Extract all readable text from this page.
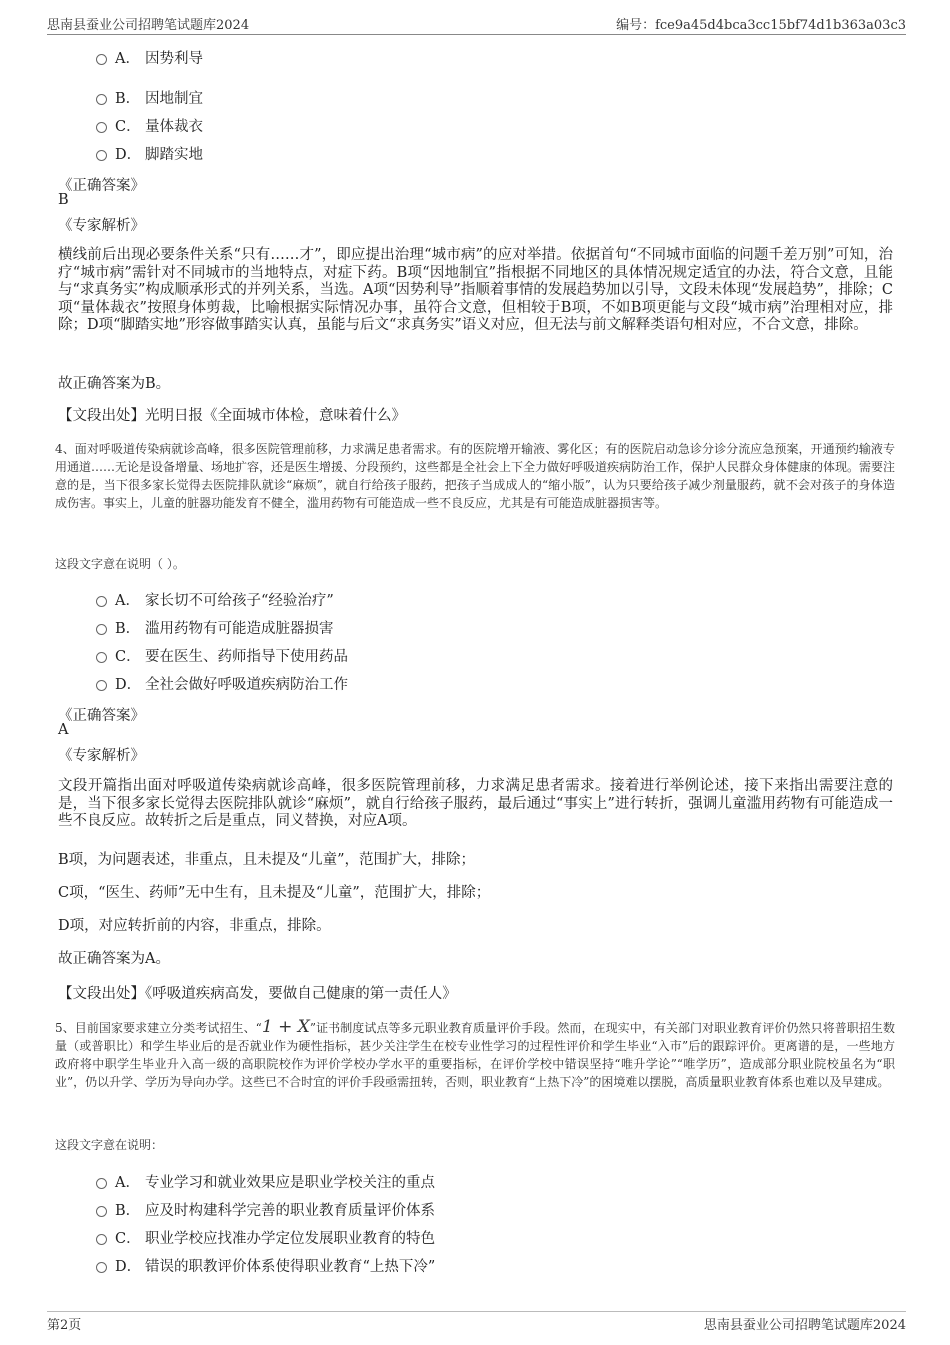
思南县蚕业公司招聘笔试题库2024	编号：fce9a45d4bca3cc15bf74d1b363a03c3
A． 因势利导
B． 因地制宜
C． 量体裁衣
D． 脚踏实地
《正确答案》
B
《专家解析》
横线前后出现必要条件关系“只有……才”，即应提出治理“城市病”的应对举措。依据首句“不同城市面临的问题千差万别”可知，治疗“城市病”需针对不同城市的当地特点，对症下药。B项“因地制宜”指根据不同地区的具体情况规定适宜的办法，符合文意，且能与“求真务实”构成顺承形式的并列关系，当选。A项“因势利导”指顺着事情的发展趋势加以引导，文段未体现“发展趋势”，排除；C项“量体裁衣”按照身体剪裁，比喻根据实际情况办事，虽符合文意，但相较于B项，不如B项更能与文段“城市病”治理相对应，排除；D项“脚踏实地”形容做事踏实认真，虽能与后文“求真务实”语义对应，但无法与前文解释类语句相对应，不合文意，排除。
故正确答案为B。
【文段出处】光明日报《全面城市体检，意味着什么》
4、面对呼吸道传染病就诊高峰，很多医院管理前移，力求满足患者需求。有的医院增开输液、雾化区；有的医院启动急诊分诊分流应急预案，开通预约输液专用通道……无论是设备增量、场地扩容，还是医生增援、分段预约，这些都是全社会上下全力做好呼吸道疾病防治工作，保护人民群众身体健康的体现。需要注意的是，当下很多家长觉得去医院排队就诊“麻烦”，就自行给孩子服药，把孩子当成成人的“缩小版”，认为只要给孩子减少剂量服药，就不会对孩子的身体造成伤害。事实上，儿童的脏器功能发育不健全，滥用药物有可能造成一些不良反应，尤其是有可能造成脏器损害等。
这段文字意在说明（ ）。
A． 家长切不可给孩子“经验治疗”
B． 滥用药物有可能造成脏器损害
C． 要在医生、药师指导下使用药品
D． 全社会做好呼吸道疾病防治工作
《正确答案》
A
《专家解析》
文段开篇指出面对呼吸道传染病就诊高峰，很多医院管理前移，力求满足患者需求。接着进行举例论述，接下来指出需要注意的是，当下很多家长觉得去医院排队就诊“麻烦”，就自行给孩子服药，最后通过“事实上”进行转折，强调儿童滥用药物有可能造成一些不良反应。故转折之后是重点，同义替换，对应A项。
B项，为问题表述，非重点，且未提及“儿童”，范围扩大，排除；
C项，“医生、药师”无中生有，且未提及“儿童”，范围扩大，排除；
D项，对应转折前的内容，非重点，排除。
故正确答案为A。
【文段出处】《呼吸道疾病高发，要做自己健康的第一责任人》
5、目前国家要求建立分类考试招生、“1 + X”证书制度试点等多元职业教育质量评价手段。然而，在现实中，有关部门对职业教育评价仍然只将普职招生数量（或普职比）和学生毕业后的是否就业作为硬性指标，甚少关注学生在校专业性学习的过程性评价和学生毕业“入市”后的跟踪评价。更离谱的是，一些地方政府将中职学生毕业升入高一级的高职院校作为评价学校办学水平的重要指标，在评价学校中错误坚持“唯升学论”“唯学历”，造成部分职业院校虽名为“职业”，仍以升学、学历为导向办学。这些已不合时宜的评价手段亟需扭转，否则，职业教育“上热下冷”的困境难以摆脱，高质量职业教育体系也难以及早建成。
这段文字意在说明：
A． 专业学习和就业效果应是职业学校关注的重点
B． 应及时构建科学完善的职业教育质量评价体系
C． 职业学校应找准办学定位发展职业教育的特色
D． 错误的职教评价体系使得职业教育“上热下冷”
第2页	思南县蚕业公司招聘笔试题库2024
